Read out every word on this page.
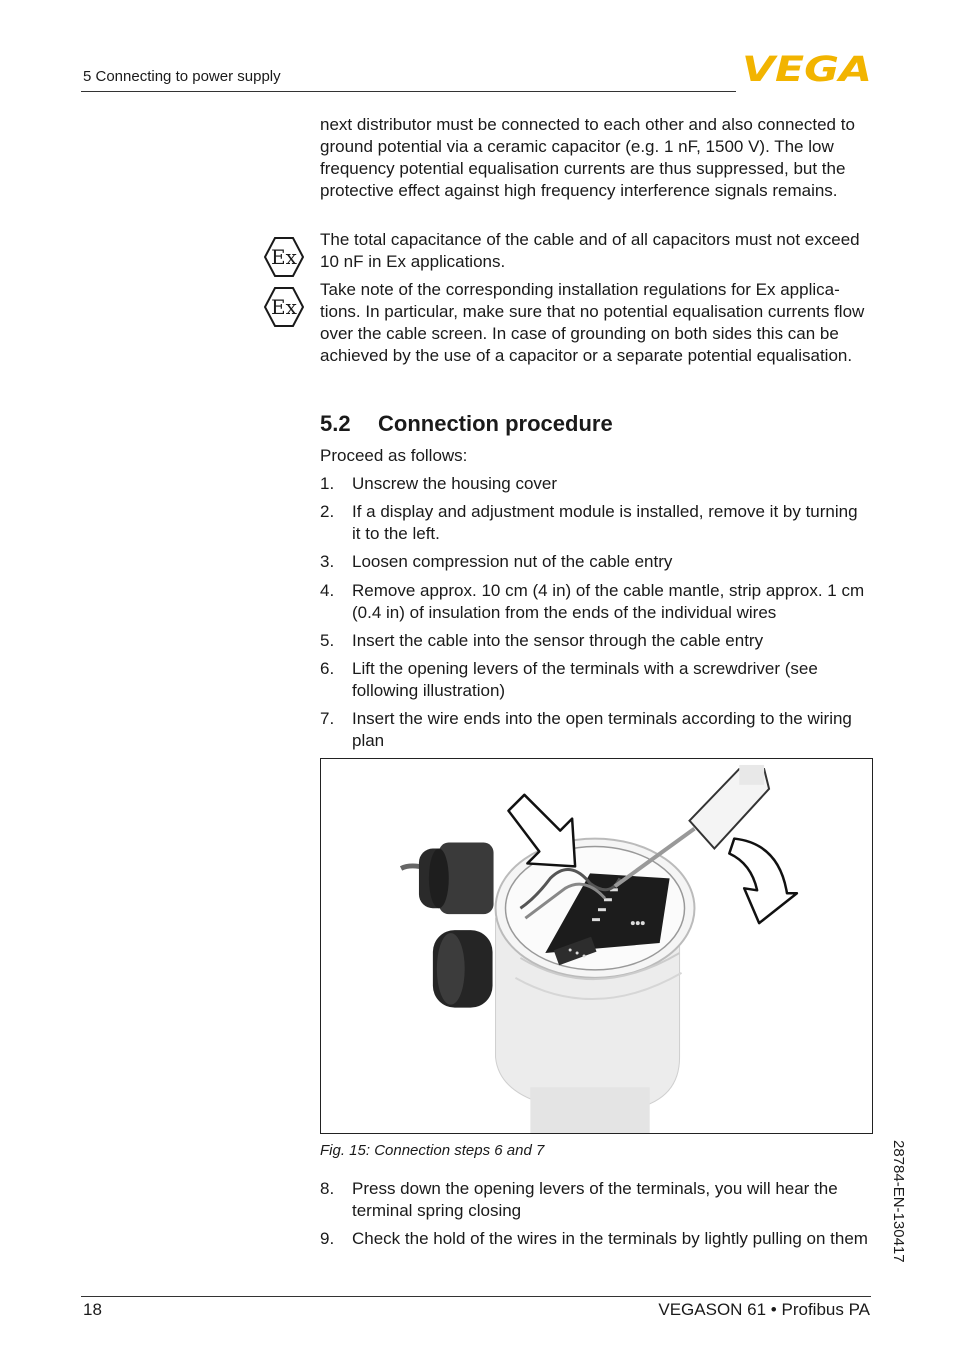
5 Connecting to power supply	VEGA

next distributor must be connected to each other and also connected to ground potential via a ceramic capacitor (e.g. 1 nF, 1500 V). The low frequency potential equalisation currents are thus suppressed, but the protective effect against high frequency interference signals remains.

Ex

The total capacitance of the cable and of all capacitors must not exceed 10 nF in Ex applications.

Ex

Take note of the corresponding installation regulations for Ex applications. In particular, make sure that no potential equalisation currents flow over the cable screen. In case of grounding on both sides this can be achieved by the use of a capacitor or a separate potential equalisation.

5.2 Connection procedure
Proceed as follows:
1. Unscrew the housing cover
2. If a display and adjustment module is installed, remove it by turning it to the left.
3. Loosen compression nut of the cable entry
4. Remove approx. 10 cm (4 in) of the cable mantle, strip approx. 1 cm (0.4 in) of insulation from the ends of the individual wires
5. Insert the cable into the sensor through the cable entry
6. Lift the opening levers of the terminals with a screwdriver (see following illustration)
7. Insert the wire ends into the open terminals according to the wiring plan
Fig. 15: Connection steps 6 and 7
8. Press down the opening levers of the terminals, you will hear the terminal spring closing
9. Check the hold of the wires in the terminals by lightly pulling on them 28784-EN-130417
18	VEGASON 61 • Profibus PA
